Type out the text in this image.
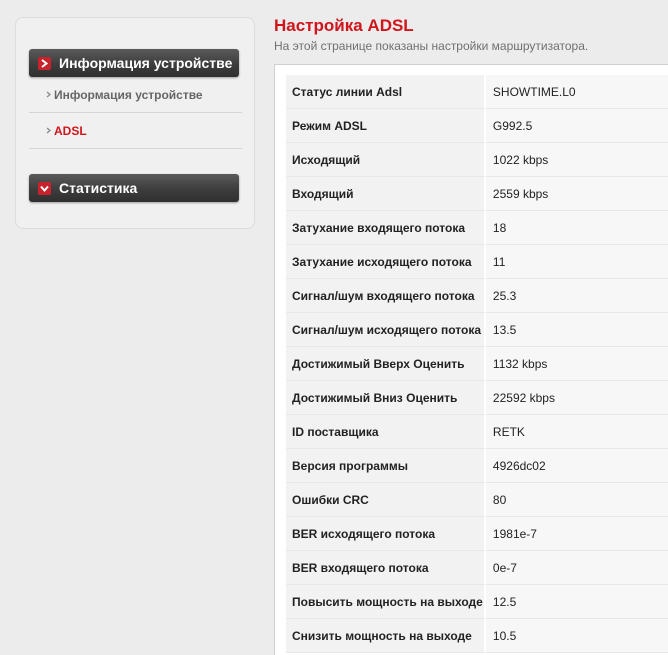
Информация устройстве
Информация устройстве
ADSL
Статистика
Настройка ADSL
На этой странице показаны настройки маршрутизатора.
Статус линии Adsl	SHOWTIME.L0
Режим ADSL	G992.5
Исходящий	1022 kbps
Входящий	2559 kbps
Затухание входящего потока	18
Затухание исходящего потока	11
Сигнал/шум входящего потока	25.3
Сигнал/шум исходящего потока	13.5
Достижимый Вверх Оценить	1132 kbps
Достижимый Вниз Оценить	22592 kbps
ID поставщика	RETK
Версия программы	4926dc02
Ошибки CRC	80
BER исходящего потока	1981e-7
BER входящего потока	0e-7
Повысить мощность на выходе	12.5
Снизить мощность на выходе	10.5
